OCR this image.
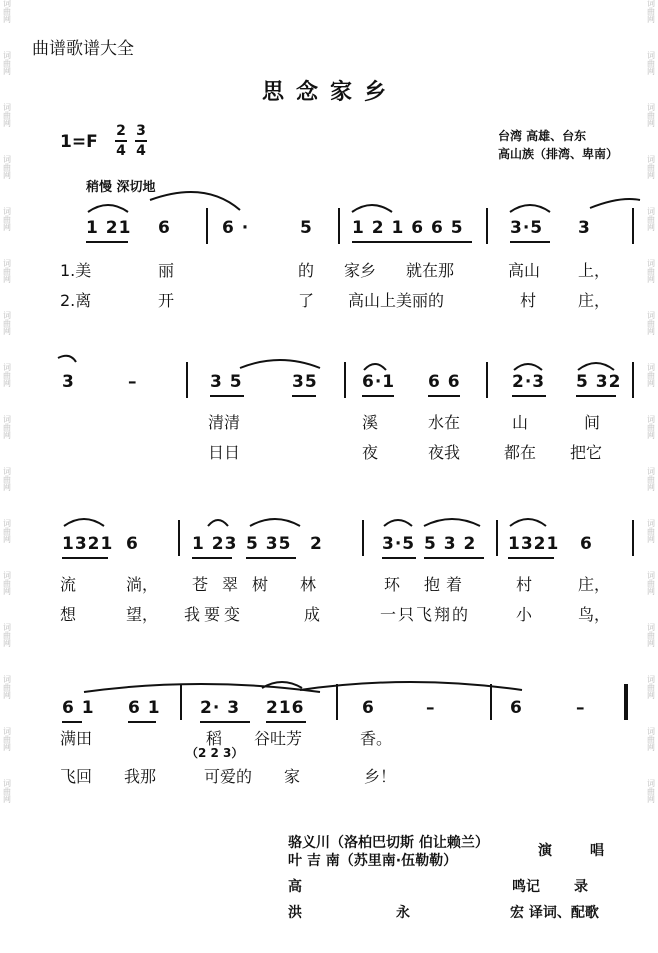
词
曲
网
词
曲
网
词
曲
网
词
曲
网
词
曲
网
词
曲
网
词
曲
网
词
曲
网
词
曲
网
词
曲
网
词
曲
网
词
曲
网
词
曲
网
词
曲
网
词
曲
网
词
曲
网
词
曲
网
词
曲
网
词
曲
网
词
曲
网
词
曲
网
词
曲
网
词
曲
网
词
曲
网
词
曲
网
词
曲
网
词
曲
网
词
曲
网
词
曲
网
词
曲
网
词
曲
网
词
曲
网
曲谱歌谱大全
思念家乡
1=F
2
4
3
4
台湾 高雄、台东
高山族（排湾、卑南）
稍慢 深切地
1 21 6	6 ·	5 1 2 1 6 6 5	3·5 3
1.美	丽	的 家乡 就在那	高山 上，
2.离	开	了 高山上美丽的	村	庄，
3	–	3 5	35	6·1 6 6	2·3 5 32
清清	溪	水在	山	间
日日	夜	夜我	都在 把它
1321 6	1 23 5 35 2	3·5 5 3 2 1321 6
流	淌， 苍翠树 林	环 抱着	村	庄，
想	望， 我要变	成	一只飞翔的	小	鸟，
6 1 6 1 2· 3 216	6	–	6	–
（2 2 3）
满田	稻 谷吐芳	香。
飞回 我那	可爱的 家	乡！
骆义川（洛柏巴切斯 伯让赖兰）	演	唱
叶 吉 南（苏里南·伍勒勒）
高	鸣记 录
洪	永	宏 译词、配歌
